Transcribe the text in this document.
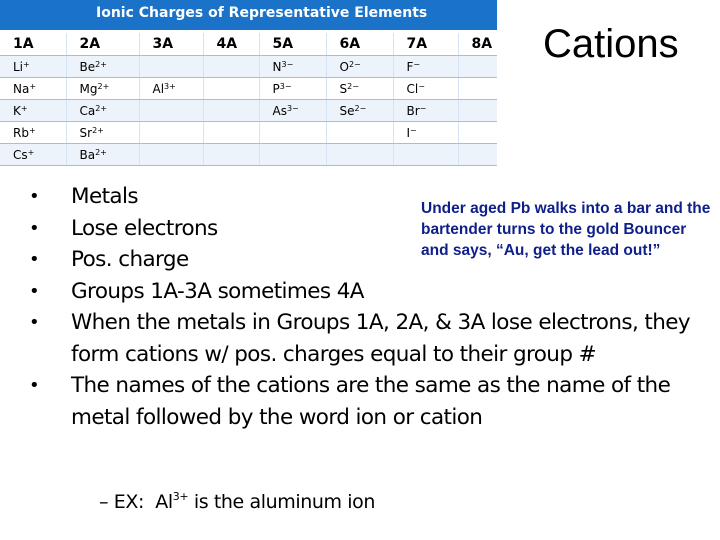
Ionic Charges of Representative Elements
1A	2A	3A	4A	5A	6A	7A	8A
Li+	$Be^{2+}$			$N^{3-}$	$O^{2-}$	F−	
Na+	$Mg^{2+}$	$Al^{3+}$		$P^{3-}$	$S^{2-}$	Cl−	
K+	$Ca^{2+}$			$As^{3-}$	$Se^{2-}$	Br−	
Rb+	$Sr^{2+}$					I−	
Cs+	$Ba^{2+}$						
Cations
Under aged Pb walks into a bar and the bartender turns to the gold Bouncer and says, “Au, get the lead out!”
• Metals
• Lose electrons
• Pos. charge
• Groups 1A-3A sometimes 4A
• When the metals in Groups 1A, 2A, & 3A lose electrons, they form cations w/ pos. charges equal to their group #
• The names of the cations are the same as the name of the metal followed by the word ion or cation
– EX: $Al^{3+}$ is the aluminum ion
